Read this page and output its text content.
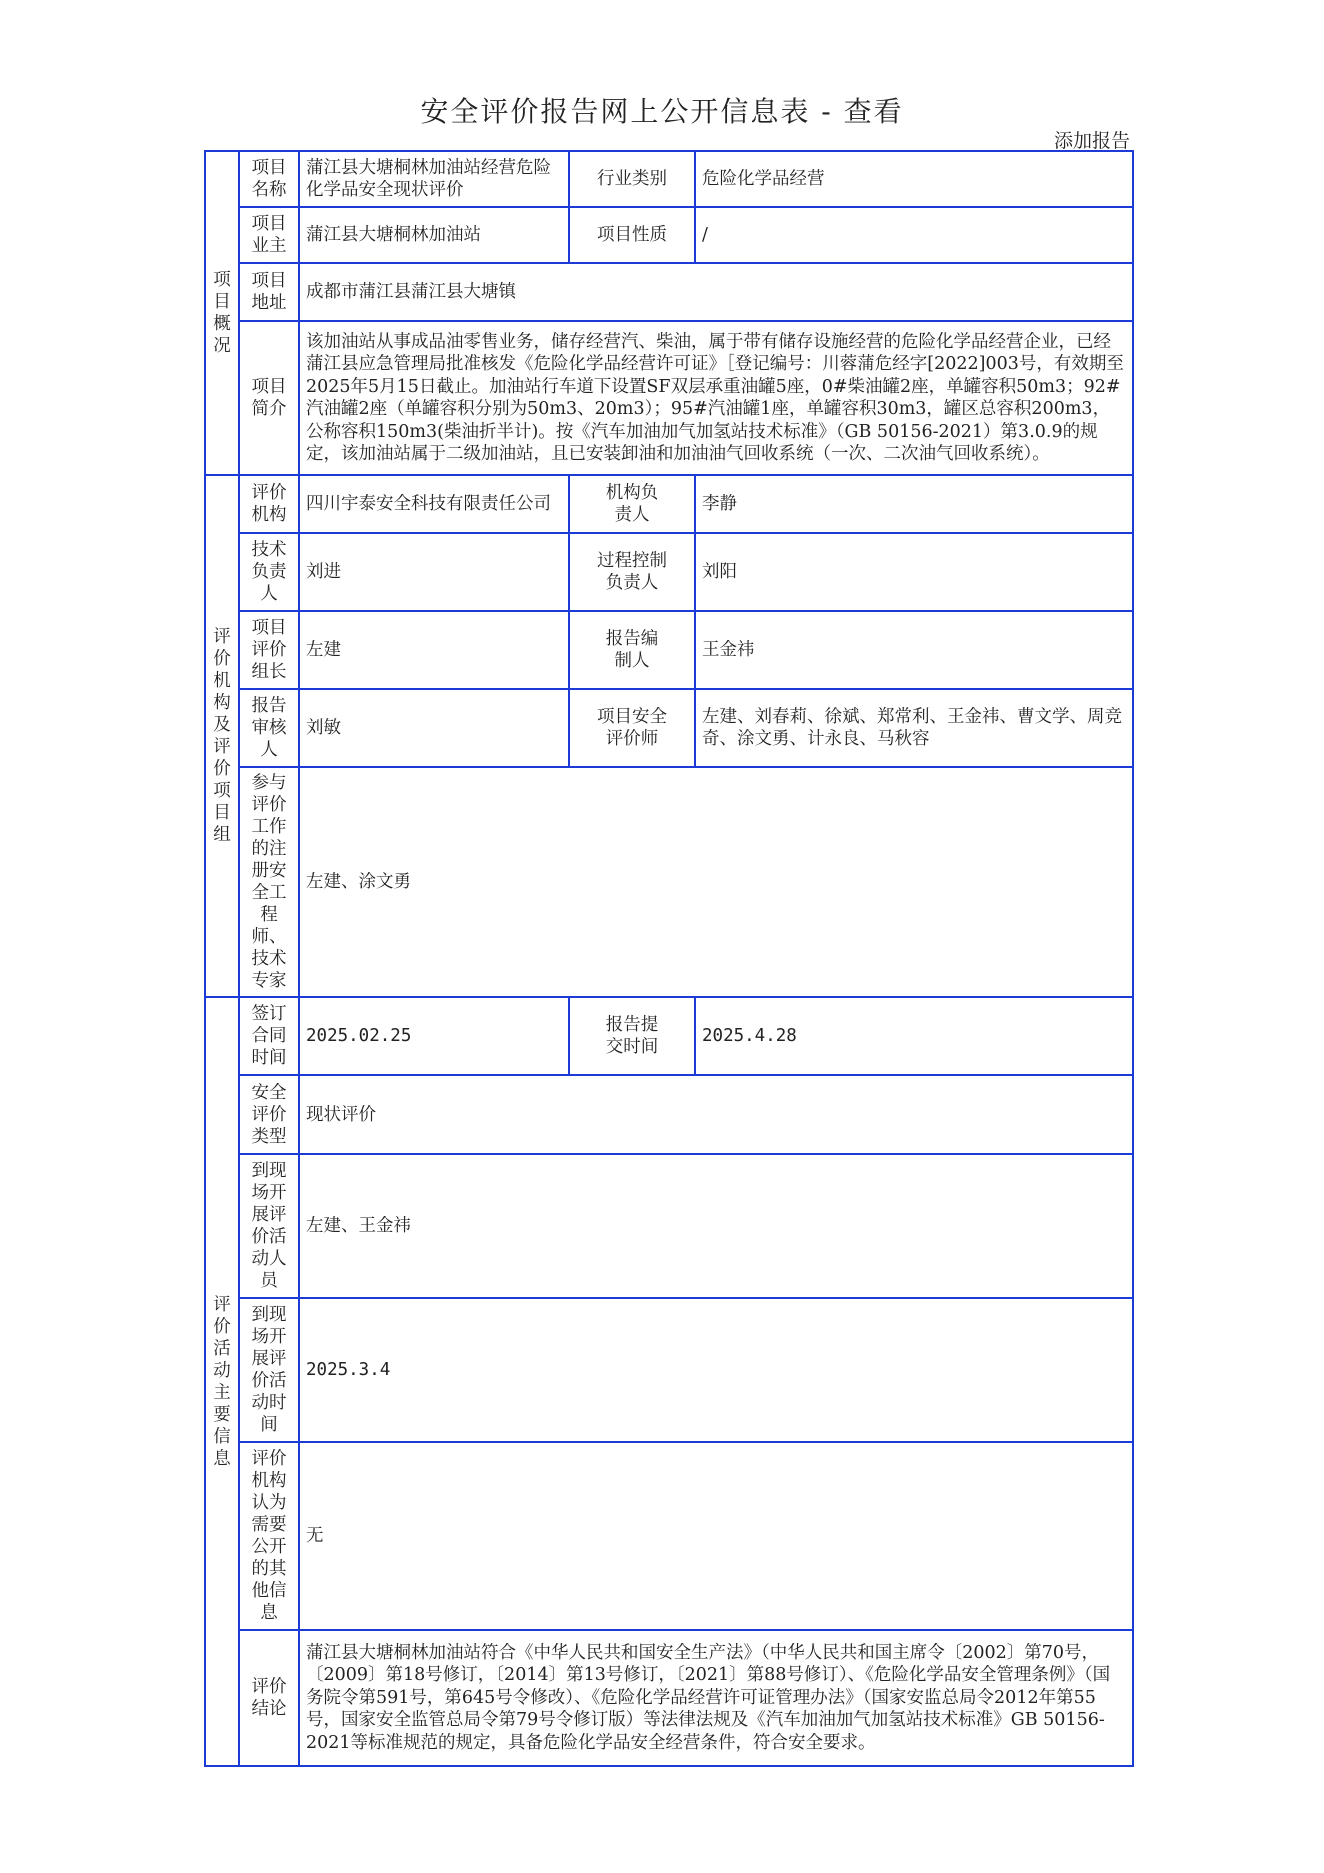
安全评价报告网上公开信息表 - 查看
添加报告
项目概况	项目名称	蒲江县大塘桐林加油站经营危险化学品安全现状评价	行业类别	危险化学品经营
	项目业主	蒲江县大塘桐林加油站	项目性质	/
	项目地址	成都市蒲江县蒲江县大塘镇		
	项目简介	该加油站从事成品油零售业务，储存经营汽、柴油，属于带有储存设施经营的危险化学品经营企业，已经蒲江县应急管理局批准核发《危险化学品经营许可证》［登记编号：川蓉蒲危经字[2022]003号，有效期至2025年5月15日截止。加油站行车道下设置SF双层承重油罐5座，0#柴油罐2座，单罐容积50m3；92#汽油罐2座（单罐容积分别为50m3、20m3）；95#汽油罐1座，单罐容积30m3，罐区总容积200m3，公称容积150m3(柴油折半计)。按《汽车加油加气加氢站技术标准》（GB 50156-2021）第3.0.9的规定，该加油站属于二级加油站，且已安装卸油和加油油气回收系统（一次、二次油气回收系统）。		
评价机构及评价项目组	评价机构	四川宇泰安全科技有限责任公司	机构负责人	李静
	技术负责人	刘进	过程控制负责人	刘阳
	项目评价组长	左建	报告编制人	王金祎
	报告审核人	刘敏	项目安全评价师	左建、刘春莉、徐斌、郑常利、王金祎、曹文学、周竞奇、涂文勇、计永良、马秋容
	参与评价工作的注册安全工程师、技术专家	左建、涂文勇		
评价活动主要信息	签订合同时间	2025.02.25	报告提交时间	2025.4.28
	安全评价类型	现状评价		
	到现场开展评价活动人员	左建、王金祎		
	到现场开展评价活动时间	2025.3.4		
	评价机构认为需要公开的其他信息	无		
	评价结论	蒲江县大塘桐林加油站符合《中华人民共和国安全生产法》（中华人民共和国主席令〔2002〕第70号，〔2009〕第18号修订，〔2014〕第13号修订，〔2021〕第88号修订）、《危险化学品安全管理条例》（国务院令第591号，第645号令修改）、《危险化学品经营许可证管理办法》（国家安监总局令2012年第55号，国家安全监管总局令第79号令修订版）等法律法规及《汽车加油加气加氢站技术标准》GB 50156-2021等标准规范的规定，具备危险化学品安全经营条件，符合安全要求。		
